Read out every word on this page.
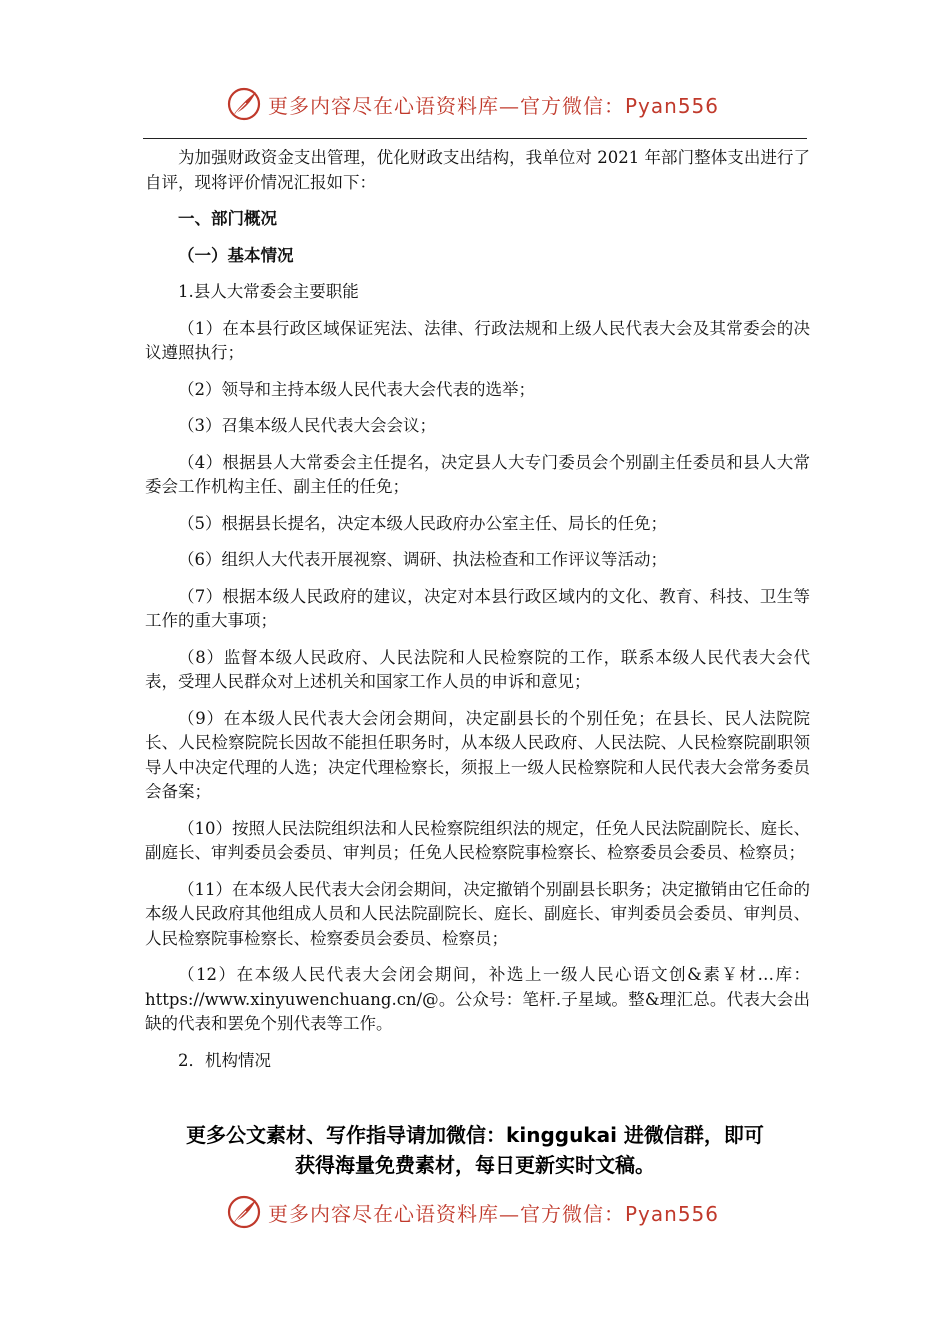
更多内容尽在心语资料库—官方微信：Pyan556

为加强财政资金支出管理，优化财政支出结构，我单位对 2021 年部门整体支出进行了自评，现将评价情况汇报如下：

一、部门概况

（一）基本情况

1.县人大常委会主要职能

（1）在本县行政区域保证宪法、法律、行政法规和上级人民代表大会及其常委会的决议遵照执行；

（2）领导和主持本级人民代表大会代表的选举；

（3）召集本级人民代表大会会议；

（4）根据县人大常委会主任提名，决定县人大专门委员会个别副主任委员和县人大常委会工作机构主任、副主任的任免；

（5）根据县长提名，决定本级人民政府办公室主任、局长的任免；

（6）组织人大代表开展视察、调研、执法检查和工作评议等活动；

（7）根据本级人民政府的建议，决定对本县行政区域内的文化、教育、科技、卫生等工作的重大事项；

（8）监督本级人民政府、人民法院和人民检察院的工作，联系本级人民代表大会代表，受理人民群众对上述机关和国家工作人员的申诉和意见；

（9）在本级人民代表大会闭会期间，决定副县长的个别任免；在县长、民人法院院长、人民检察院院长因故不能担任职务时，从本级人民政府、人民法院、人民检察院副职领导人中决定代理的人选；决定代理检察长，须报上一级人民检察院和人民代表大会常务委员会备案；

（10）按照人民法院组织法和人民检察院组织法的规定，任免人民法院副院长、庭长、副庭长、审判委员会委员、审判员；任免人民检察院事检察长、检察委员会委员、检察员；

（11）在本级人民代表大会闭会期间，决定撤销个别副县长职务；决定撤销由它任命的本级人民政府其他组成人员和人民法院副院长、庭长、副庭长、审判委员会委员、审判员、人民检察院事检察长、检察委员会委员、检察员；

（12）在本级人民代表大会闭会期间，补选上一级人民心语文创&素￥材…库：https://www.xinyuwenchuang.cn/@。公众号：笔杆.子星域。整&理汇总。代表大会出缺的代表和罢免个别代表等工作。

2．机构情况

更多公文素材、写作指导请加微信：kinggukai 进微信群，即可
获得海量免费素材，每日更新实时文稿。
更多内容尽在心语资料库—官方微信：Pyan556
